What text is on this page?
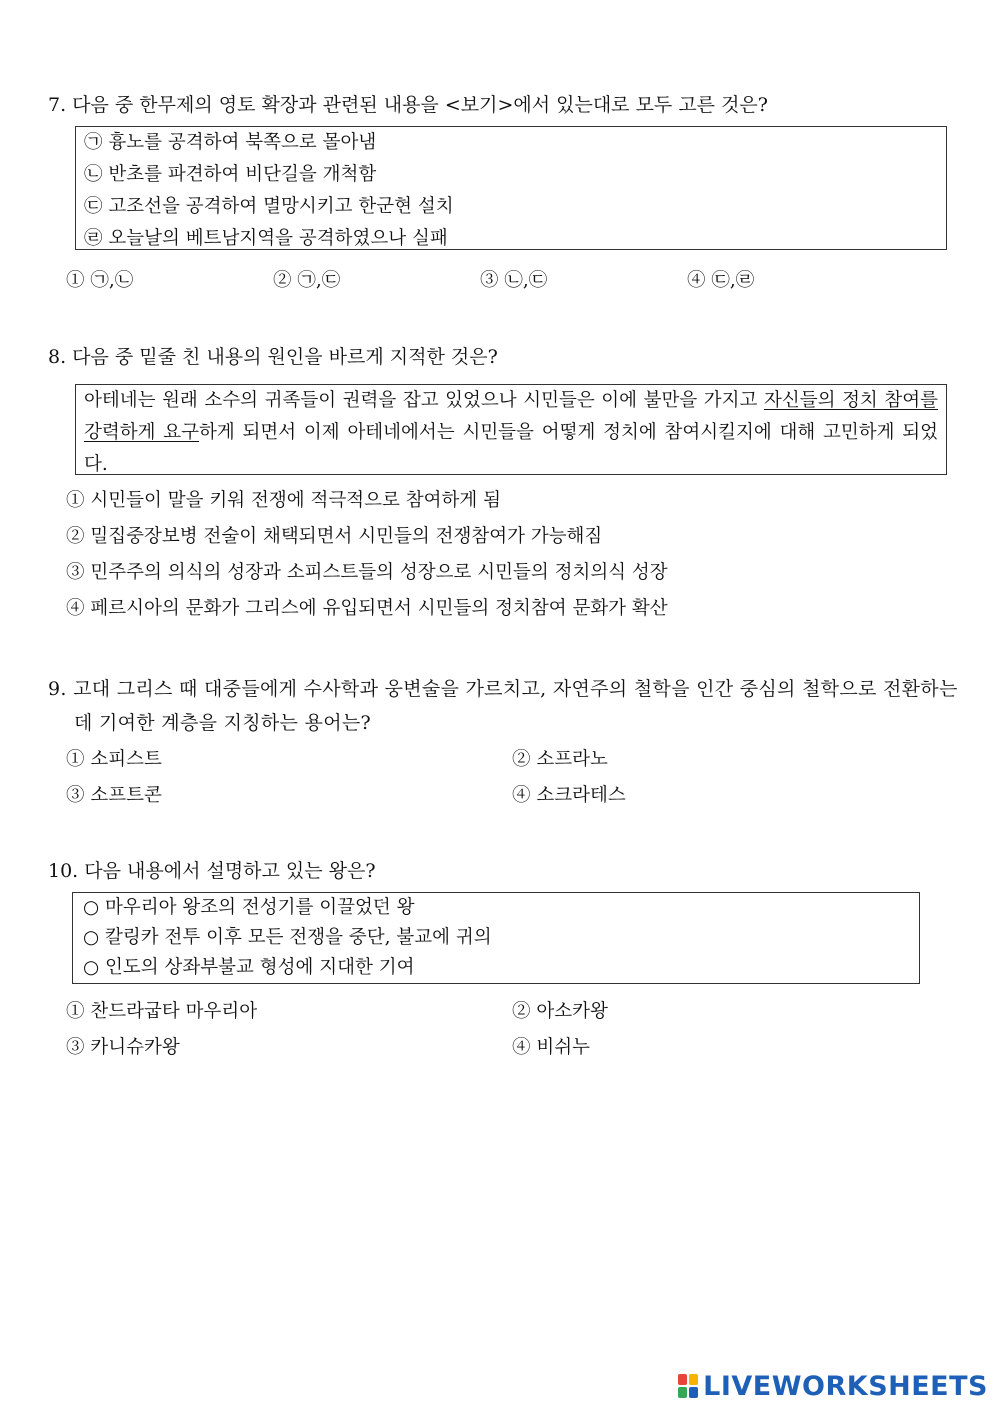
7. 다음 중 한무제의 영토 확장과 관련된 내용을 <보기>에서 있는대로 모두 고른 것은?
㉠ 흉노를 공격하여 북쪽으로 몰아냄
㉡ 반초를 파견하여 비단길을 개척함
㉢ 고조선을 공격하여 멸망시키고 한군현 설치
㉣ 오늘날의 베트남지역을 공격하였으나 실패
① ㉠,㉡	② ㉠,㉢	③ ㉡,㉢	④ ㉢,㉣
8. 다음 중 밑줄 친 내용의 원인을 바르게 지적한 것은?
아테네는 원래 소수의 귀족들이 권력을 잡고 있었으나 시민들은 이에 불만을 가지고 자신들의 정치 참여를 강력하게 요구하게 되면서 이제 아테네에서는 시민들을 어떻게 정치에 참여시킬지에 대해 고민하게 되었다.
① 시민들이 말을 키워 전쟁에 적극적으로 참여하게 됨
② 밀집중장보병 전술이 채택되면서 시민들의 전쟁참여가 가능해짐
③ 민주주의 의식의 성장과 소피스트들의 성장으로 시민들의 정치의식 성장
④ 페르시아의 문화가 그리스에 유입되면서 시민들의 정치참여 문화가 확산
9. 고대 그리스 때 대중들에게 수사학과 웅변술을 가르치고, 자연주의 철학을 인간 중심의 철학으로 전환하는데 기여한 계층을 지칭하는 용어는?
① 소피스트	② 소프라노
③ 소프트콘	④ 소크라테스
10. 다음 내용에서 설명하고 있는 왕은?
○ 마우리아 왕조의 전성기를 이끌었던 왕
○ 칼링카 전투 이후 모든 전쟁을 중단, 불교에 귀의
○ 인도의 상좌부불교 형성에 지대한 기여
① 찬드라굽타 마우리아	② 아소카왕
③ 카니슈카왕	④ 비쉬누
LIVEWORKSHEETS
